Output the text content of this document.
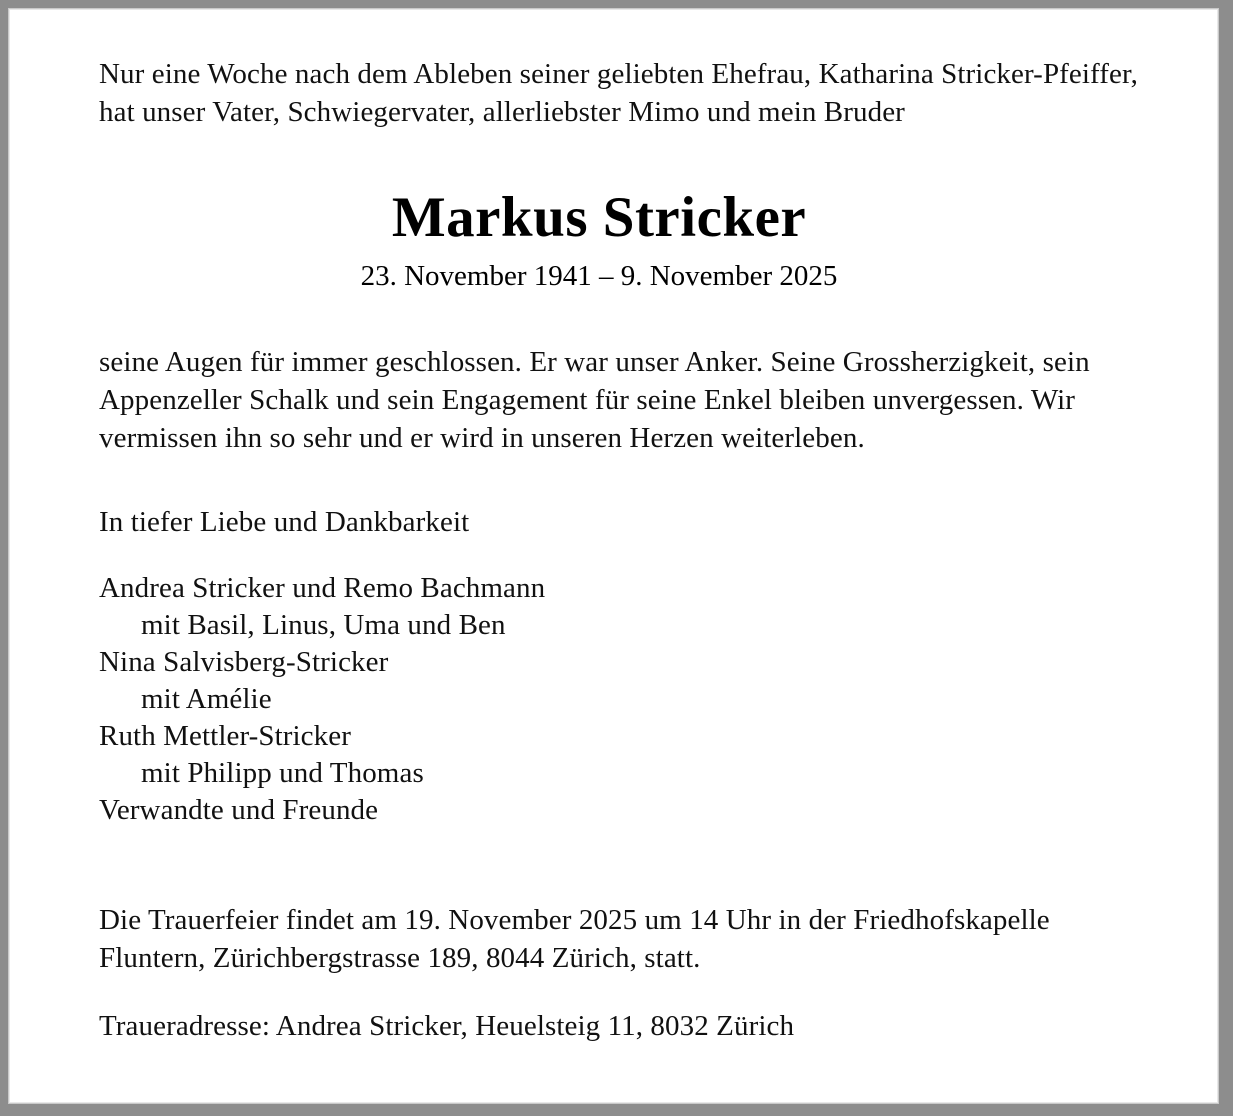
Nur eine Woche nach dem Ableben seiner geliebten Ehefrau, Katharina Stricker-Pfeiffer, hat unser Vater, Schwiegervater, allerliebster Mimo und mein Bruder

Markus Stricker
23. November 1941 – 9. November 2025

seine Augen für immer geschlossen. Er war unser Anker. Seine Grossherzigkeit, sein Appenzeller Schalk und sein Engagement für seine Enkel bleiben unvergessen. Wir vermissen ihn so sehr und er wird in unseren Herzen weiterleben.

In tiefer Liebe und Dankbarkeit

Andrea Stricker und Remo Bachmann
mit Basil, Linus, Uma und Ben
Nina Salvisberg-Stricker
mit Amélie
Ruth Mettler-Stricker
mit Philipp und Thomas
Verwandte und Freunde

Die Trauerfeier findet am 19. November 2025 um 14 Uhr in der Friedhofskapelle Fluntern, Zürichbergstrasse 189, 8044 Zürich, statt.

Traueradresse: Andrea Stricker, Heuelsteig 11, 8032 Zürich
